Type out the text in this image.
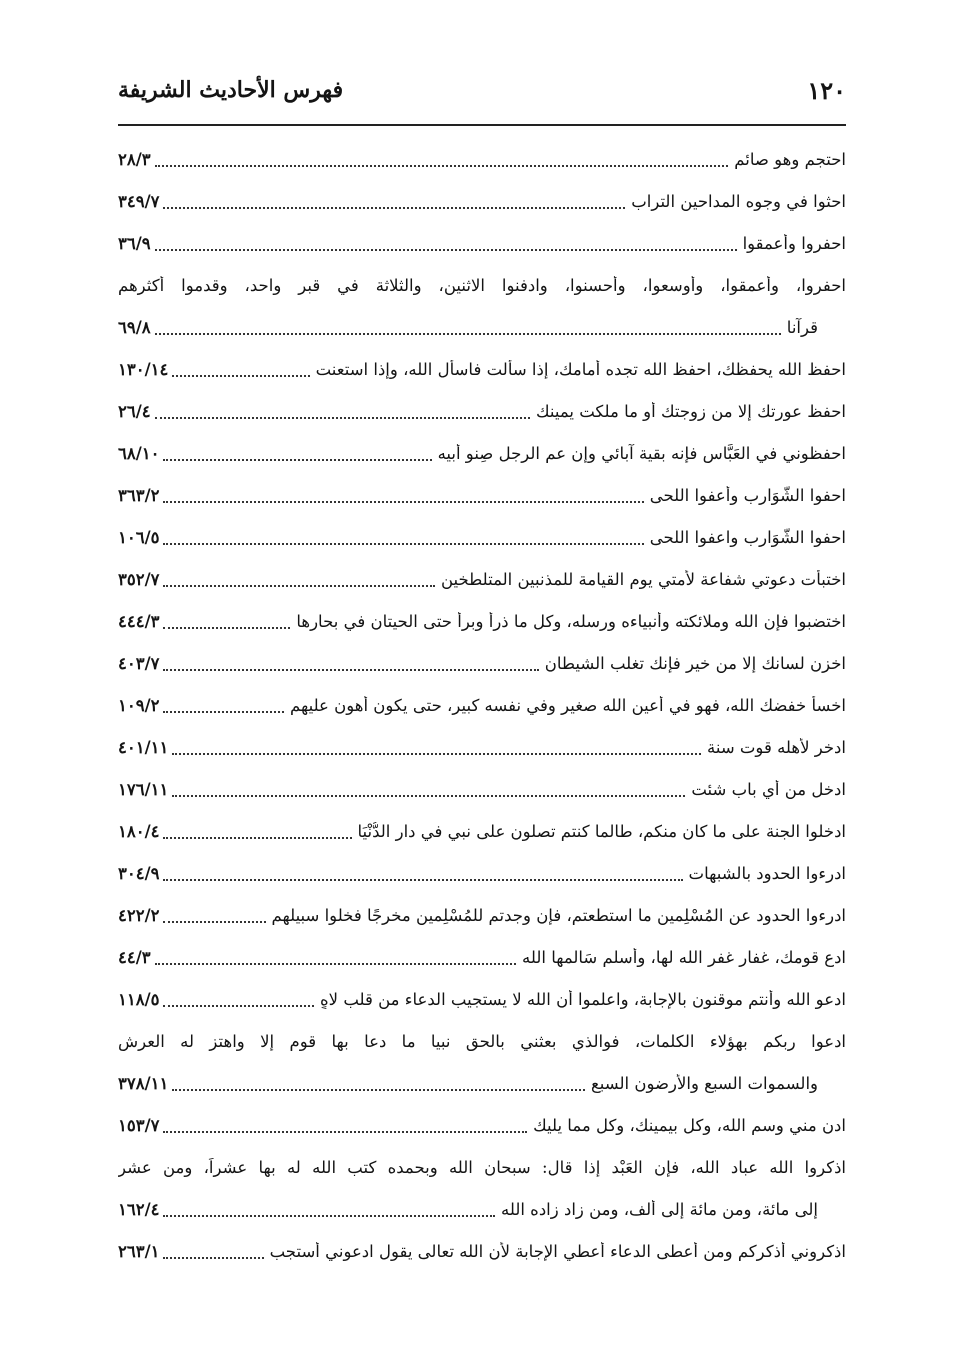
١٢٠
فهرس الأحاديث الشريفة
احتجم وهو صائم
٢٨/٣
احثوا في وجوه المداحين التراب
٣٤٩/٧
احفروا وأعمقوا
٣٦/٩
احفروا، وأعمقوا، وأوسعوا، وأحسنوا، وادفنوا الاثنين، والثلاثة في قبر واحد، وقدموا أكثرهم
قرآنا
٦٩/٨
احفظ الله يحفظك، احفظ الله تجده أمامك، إذا سألت فاسأل الله، وإذا استعنت
١٣٠/١٤
احفظ عورتك إلا من زوجتك أو ما ملكت يمينك
٢٦/٤
احفظوني في العَبَّاس فإنه بقية آبائي وإن عم الرجل صِنو أبيه
٦٨/١٠
احفوا الشَّوَارب وأعفوا اللحى
٣٦٣/٢
احفوا الشَّوَارِب واعفوا اللحى
١٠٦/٥
اختبأت دعوتي شفاعة لأمتي يوم القيامة للمذنبين المتلطخين
٣٥٢/٧
اختضبوا فإن الله وملائكته وأنبياءه ورسله، وكل ما ذرأ وبرأ حتى الحيتان في بحارها
٤٤٤/٣
اخزن لسانك إلا من خير فإنك تغلب الشيطان
٤٠٣/٧
اخسأ خفضك الله، فهو في أعين الله صغير وفي نفسه كبير، حتى يكون أهون عليهم
١٠٩/٢
ادخر لأهله قوت سنة
٤٠١/١١
ادخل من أي باب شئت
١٧٦/١١
ادخلوا الجنة على ما كان منكم، طالما كنتم تصلون على نبي في دار الدُّنْيَا
١٨٠/٤
ادرءوا الحدود بالشبهات
٣٠٤/٩
ادرءوا الحدود عن المُسْلِمين ما استطعتم، فإن وجدتم للمُسْلِمين مخرجًا فخلوا سبيلهم
٤٢٢/٢
ادع قومك، غفار غفر الله لها، وأسلم سَالمها الله
٤٤/٣
ادعو الله وأنتم موقنون بالإجابة، واعلموا أن الله لا يستجيب الدعاء من قلب لاهٍ
١١٨/٥
ادعوا ربكم بهؤلاء الكلمات، فوالذي بعثني بالحق نبيا ما دعا بها قوم إلا واهتز له العرش
والسموات السبع والأرضون السبع
٣٧٨/١١
ادن مني وسم الله، وكل بيمينك، وكل مما يليك
١٥٣/٧
اذكروا الله عباد الله، فإن العَبْد إذا قال: سبحان الله وبحمده كتب الله له بها عشراً، ومن عشر
إلى مائة، ومن مائة إلى ألف، ومن زاد زاده الله
١٦٢/٤
اذكروني أذكركم ومن أعطى الدعاء أعطي الإجابة لأن الله تعالى يقول ادعوني أستجب
٢٦٣/١
